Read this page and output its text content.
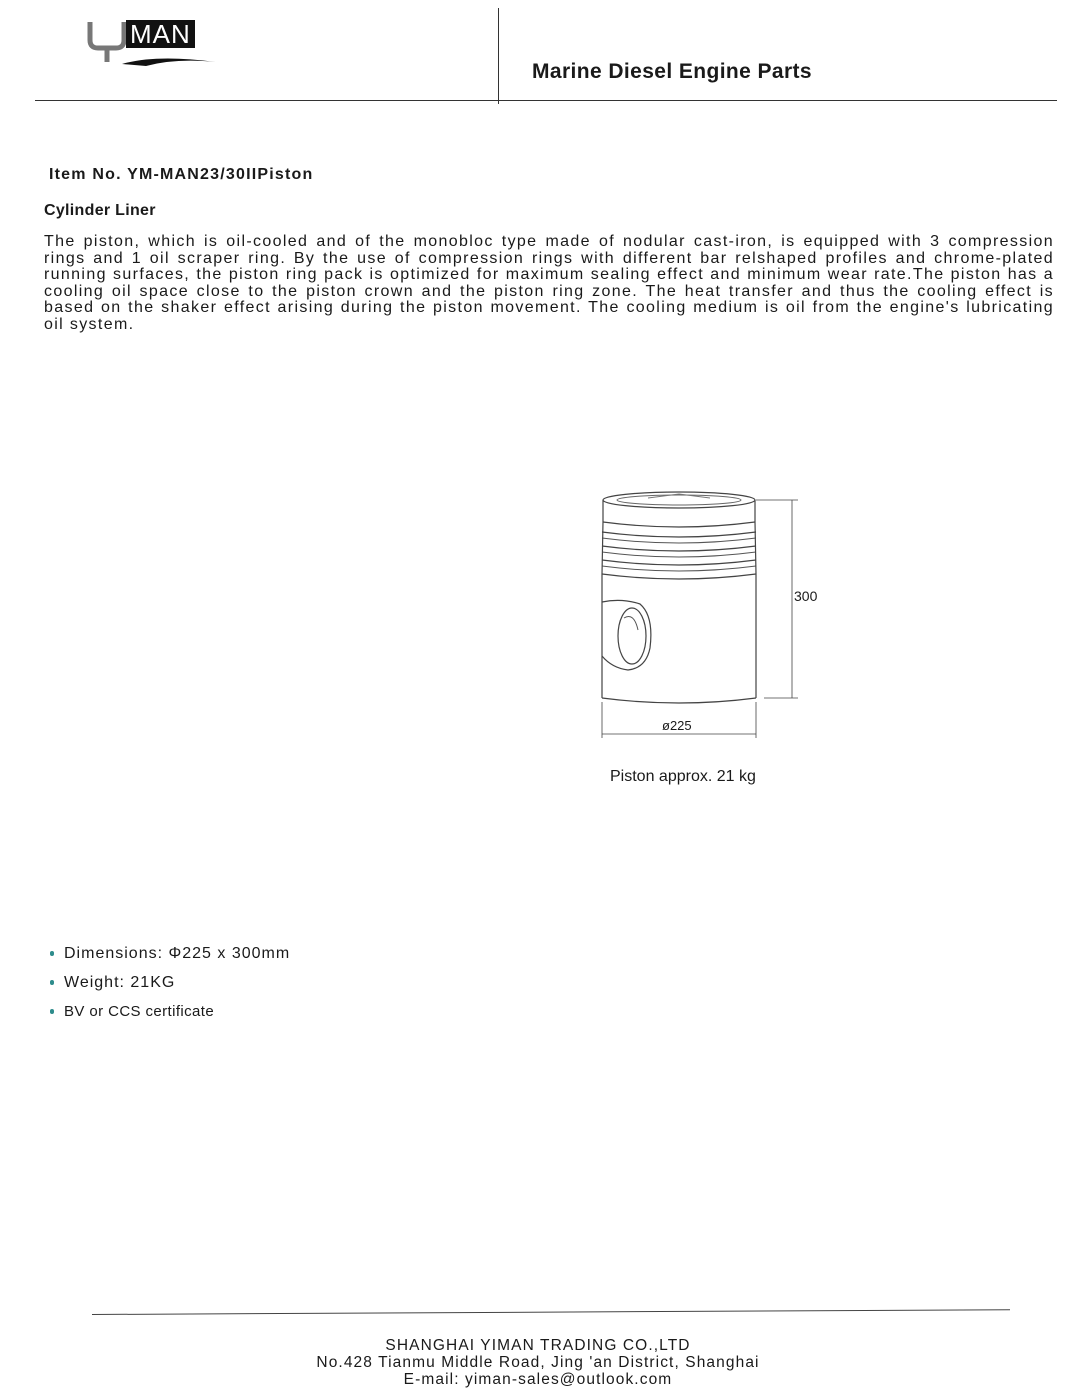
MAN
Marine Diesel Engine Parts
Item No. YM-MAN23/30IIPiston
Cylinder Liner
The piston, which is oil-cooled and of the monobloc type made of nodular cast-iron, is equipped with 3 compression rings and 1 oil scraper ring. By the use of compression rings with different bar relshaped profiles and chrome-plated running surfaces, the piston ring pack is optimized for maximum sealing effect and minimum wear rate.The piston has a cooling oil space close to the piston crown and the piston ring zone. The heat transfer and thus the cooling effect is based on the shaker effect arising during the piston movement. The cooling medium is oil from the engine's lubricating oil system.
300
ø225
Piston approx. 21 kg
Dimensions: Φ225 x 300mm
Weight: 21KG
BV or CCS certificate
SHANGHAI YIMAN TRADING CO.,LTD
No.428 Tianmu Middle Road, Jing 'an District, Shanghai
E-mail: yiman-sales@outlook.com
